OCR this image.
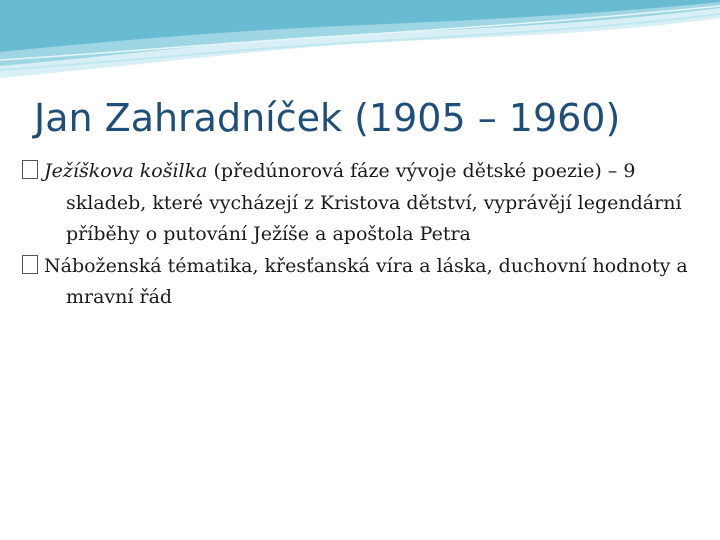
Jan Zahradníček (1905 – 1960)

Ježíškova košilka (předúnorová fáze vývoje dětské poezie) – 9 skladeb, které vycházejí z Kristova dětství, vyprávějí legendární příběhy o putování Ježíše a apoštola Petra

Náboženská tématika, křesťanská víra a láska, duchovní hodnoty a mravní řád
